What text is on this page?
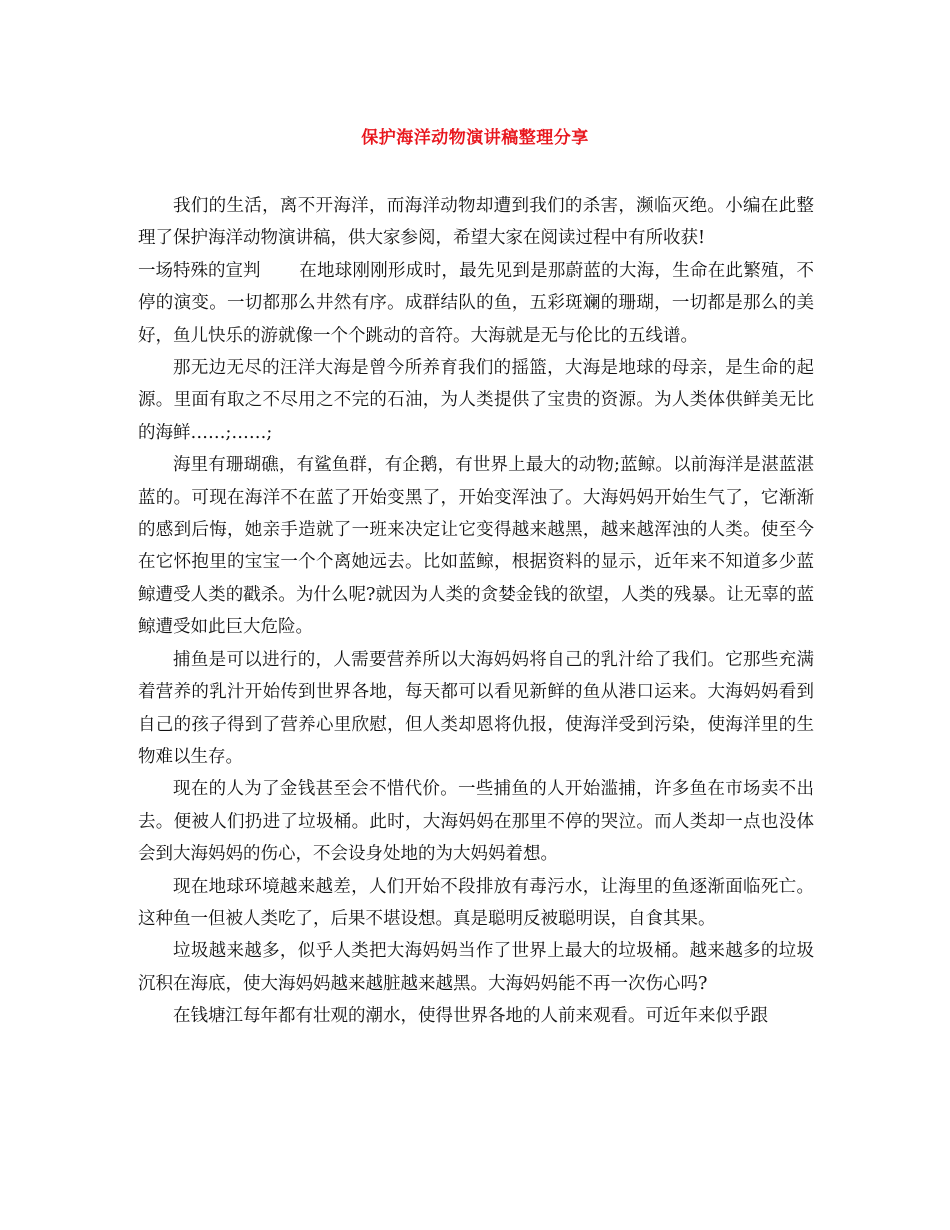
保护海洋动物演讲稿整理分享

我们的生活，离不开海洋，而海洋动物却遭到我们的杀害，濒临灭绝。小编在此整理了保护海洋动物演讲稿，供大家参阅，希望大家在阅读过程中有所收获!

一场特殊的宣判 在地球刚刚形成时，最先见到是那蔚蓝的大海，生命在此繁殖，不停的演变。一切都那么井然有序。成群结队的鱼，五彩斑斓的珊瑚，一切都是那么的美好，鱼儿快乐的游就像一个个跳动的音符。大海就是无与伦比的五线谱。

那无边无尽的汪洋大海是曾今所养育我们的摇篮，大海是地球的母亲，是生命的起源。里面有取之不尽用之不完的石油，为人类提供了宝贵的资源。为人类体供鲜美无比的海鲜……;……;

海里有珊瑚礁，有鲨鱼群，有企鹅，有世界上最大的动物;蓝鲸。以前海洋是湛蓝湛蓝的。可现在海洋不在蓝了开始变黑了，开始变浑浊了。大海妈妈开始生气了，它渐渐的感到后悔，她亲手造就了一班来决定让它变得越来越黑，越来越浑浊的人类。使至今在它怀抱里的宝宝一个个离她远去。比如蓝鲸，根据资料的显示，近年来不知道多少蓝鲸遭受人类的戳杀。为什么呢?就因为人类的贪婪金钱的欲望，人类的残暴。让无辜的蓝鲸遭受如此巨大危险。

捕鱼是可以进行的，人需要营养所以大海妈妈将自己的乳汁给了我们。它那些充满着营养的乳汁开始传到世界各地，每天都可以看见新鲜的鱼从港口运来。大海妈妈看到自己的孩子得到了营养心里欣慰，但人类却恩将仇报，使海洋受到污染，使海洋里的生物难以生存。

现在的人为了金钱甚至会不惜代价。一些捕鱼的人开始滥捕，许多鱼在市场卖不出去。便被人们扔进了垃圾桶。此时，大海妈妈在那里不停的哭泣。而人类却一点也没体会到大海妈妈的伤心，不会设身处地的为大妈妈着想。

现在地球环境越来越差，人们开始不段排放有毒污水，让海里的鱼逐渐面临死亡。这种鱼一但被人类吃了，后果不堪设想。真是聪明反被聪明误，自食其果。

垃圾越来越多，似乎人类把大海妈妈当作了世界上最大的垃圾桶。越来越多的垃圾沉积在海底，使大海妈妈越来越脏越来越黑。大海妈妈能不再一次伤心吗?

在钱塘江每年都有壮观的潮水，使得世界各地的人前来观看。可近年来似乎跟
